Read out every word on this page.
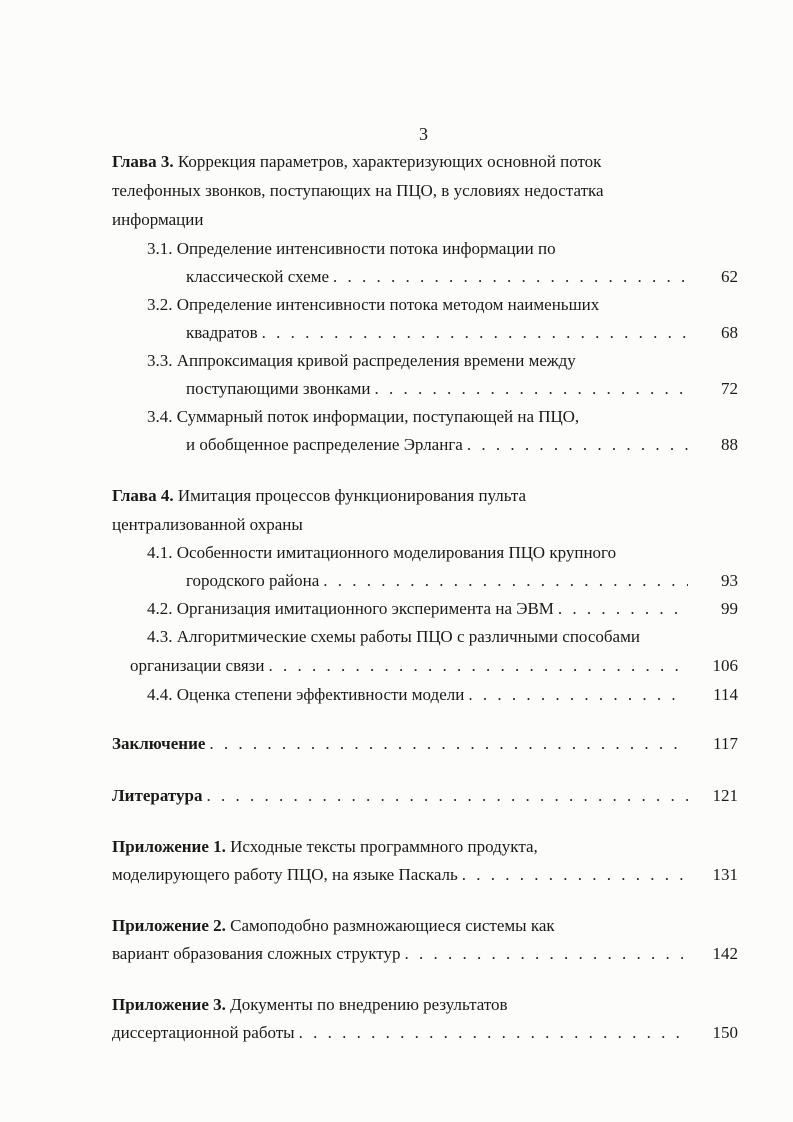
3
Глава 3. Коррекция параметров, характеризующих основной поток
телефонных звонков, поступающих на ПЦО, в условиях недостатка
информации
3.1. Определение интенсивности потока информации по
классической схеме . . .	62
3.2. Определение интенсивности потока методом наименьших
квадратов . . .	68
3.3. Аппроксимация кривой распределения времени между
поступающими звонками . . .	72
3.4. Суммарный поток информации, поступающей на ПЦО,
и обобщенное распределение Эрланга . . .	88
Глава 4. Имитация процессов функционирования пульта
централизованной охраны
4.1. Особенности имитационного моделирования ПЦО крупного
городского района . . .	93
4.2. Организация имитационного эксперимента на ЭВМ . . .	99
4.3. Алгоритмические схемы работы ПЦО с различными способами
организации связи . . .	106
4.4. Оценка степени эффективности модели . . .	114
Заключение . . .	117
Литература . . .	121
Приложение 1. Исходные тексты программного продукта,
моделирующего работу ПЦО, на языке Паскаль . . .	131
Приложение 2. Самоподобно размножающиеся системы как
вариант образования сложных структур . . .	142
Приложение 3. Документы по внедрению результатов
диссертационной работы . . .	150
